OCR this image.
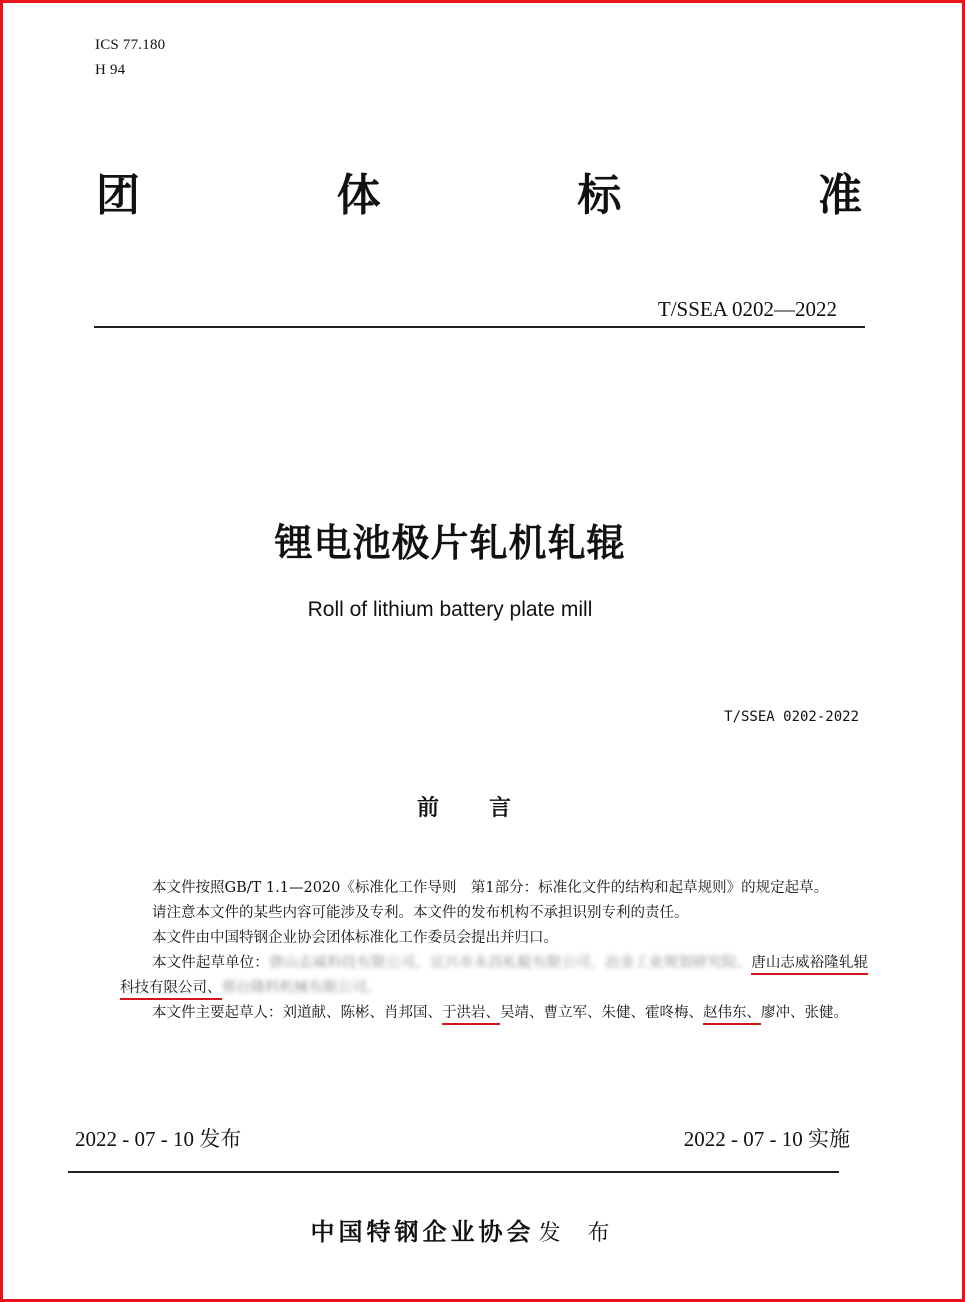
ICS 77.180
H 94
团	体	标	准
T/SSEA 0202—2022
锂电池极片轧机轧辊
Roll of lithium battery plate mill
T/SSEA 0202-2022
前言

本文件按照GB/T 1.1—2020《标准化工作导则　第1部分：标准化文件的结构和起草规则》的规定起草。

请注意本文件的某些内容可能涉及专利。本文件的发布机构不承担识别专利的责任。

本文件由中国特钢企业协会团体标准化工作委员会提出并归口。

本文件起草单位：唐山志威科技有限公司、宜兴市永昌轧辊有限公司、冶金工业规划研究院、唐山志威裕隆轧辊科技有限公司、邢台隆科机械有限公司。

本文件主要起草人：刘道献、陈彬、肖邦国、于洪岩、吴靖、曹立军、朱健、霍咚梅、赵伟东、廖冲、张健。

2022 - 07 - 10 发布	2022 - 07 - 10 实施
中国特钢企业协会 发 布
